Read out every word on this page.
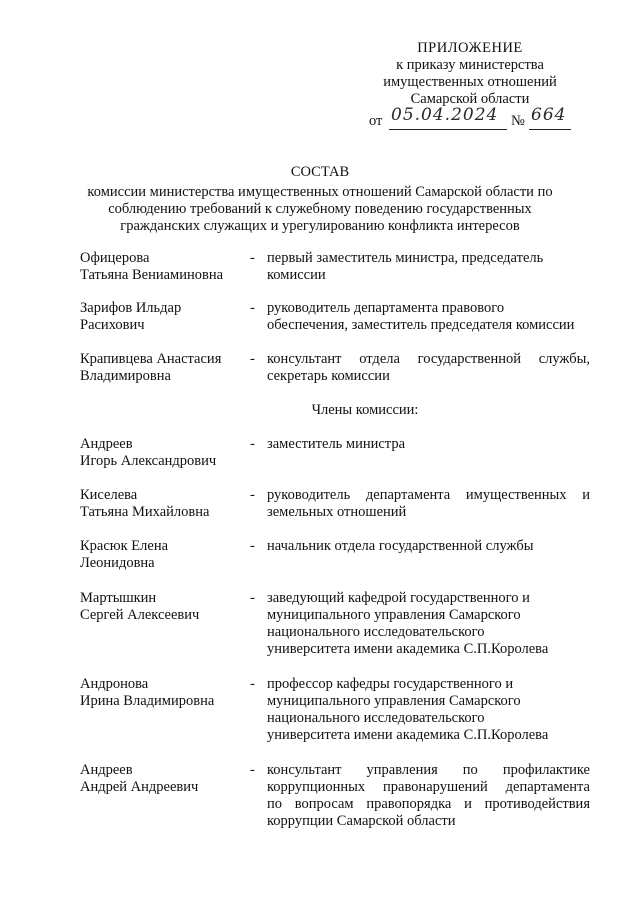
ПРИЛОЖЕНИЕ
к приказу министерства
имущественных отношений
Самарской области
от 05.04.2024 № 664
СОСТАВ
комиссии министерства имущественных отношений Самарской области по
соблюдению требований к служебному поведению государственных
гражданских служащих и урегулированию конфликта интересов
Офицерова
Татьяна Вениаминовна
- первый заместитель министра, председатель
комиссии
Зарифов Ильдар
Расихович
- руководитель департамента правового
обеспечения, заместитель председателя комиссии
Крапивцева Анастасия
Владимировна
- консультант отдела государственной службы,
секретарь комиссии
Члены комиссии:
Андреев
Игорь Александрович
- заместитель министра
Киселева
Татьяна Михайловна
- руководитель департамента имущественных и
земельных отношений
Красюк Елена
Леонидовна
- начальник отдела государственной службы
Мартышкин
Сергей Алексеевич
- заведующий кафедрой государственного и
муниципального управления Самарского
национального исследовательского
университета имени академика С.П.Королева
Андронова
Ирина Владимировна
- профессор кафедры государственного и
муниципального управления Самарского
национального исследовательского
университета имени академика С.П.Королева
Андреев
Андрей Андреевич
- консультант управления по профилактике
коррупционных правонарушений департамента
по вопросам правопорядка и противодействия
коррупции Самарской области
